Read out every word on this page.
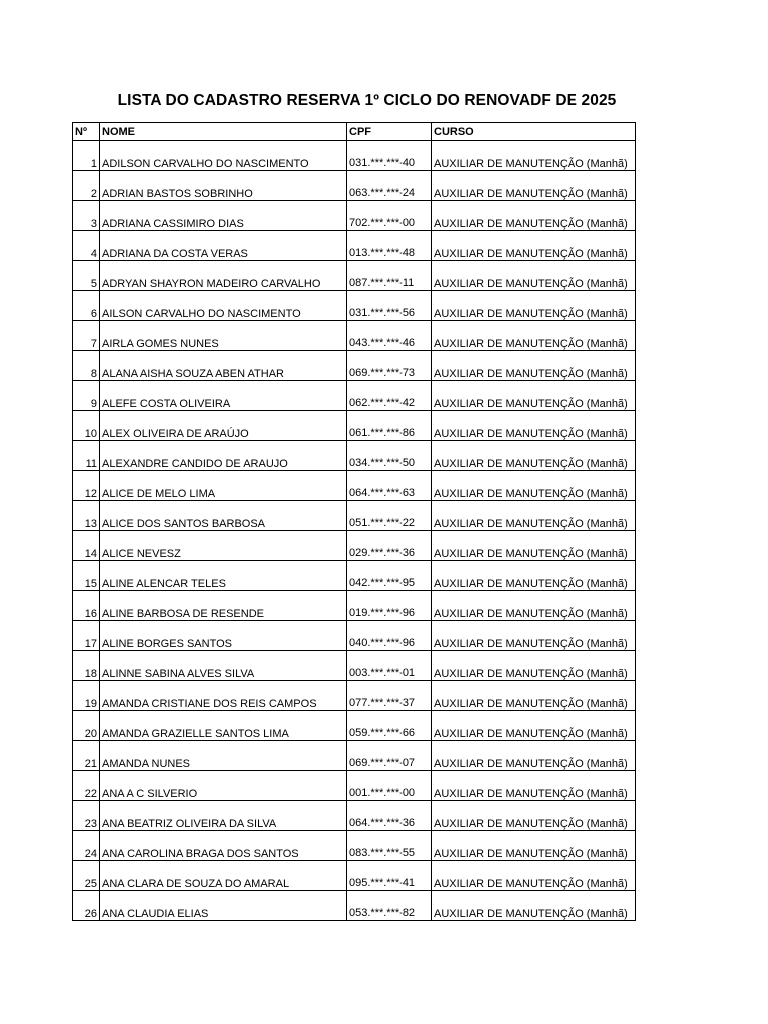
LISTA DO CADASTRO RESERVA 1º CICLO DO RENOVADF DE 2025
Nº	NOME	CPF	CURSO
1	ADILSON CARVALHO DO NASCIMENTO	031.***.***-40	AUXILIAR DE MANUTENÇÃO (Manhã)
2	ADRIAN BASTOS SOBRINHO	063.***.***-24	AUXILIAR DE MANUTENÇÃO (Manhã)
3	ADRIANA CASSIMIRO DIAS	702.***.***-00	AUXILIAR DE MANUTENÇÃO (Manhã)
4	ADRIANA DA COSTA VERAS	013.***.***-48	AUXILIAR DE MANUTENÇÃO (Manhã)
5	ADRYAN SHAYRON MADEIRO CARVALHO	087.***.***-11	AUXILIAR DE MANUTENÇÃO (Manhã)
6	AILSON CARVALHO DO NASCIMENTO	031.***.***-56	AUXILIAR DE MANUTENÇÃO (Manhã)
7	AIRLA GOMES NUNES	043.***.***-46	AUXILIAR DE MANUTENÇÃO (Manhã)
8	ALANA AISHA SOUZA ABEN ATHAR	069.***.***-73	AUXILIAR DE MANUTENÇÃO (Manhã)
9	ALEFE COSTA OLIVEIRA	062.***.***-42	AUXILIAR DE MANUTENÇÃO (Manhã)
10	ALEX OLIVEIRA DE ARAÚJO	061.***.***-86	AUXILIAR DE MANUTENÇÃO (Manhã)
11	ALEXANDRE CANDIDO DE ARAUJO	034.***.***-50	AUXILIAR DE MANUTENÇÃO (Manhã)
12	ALICE DE MELO LIMA	064.***.***-63	AUXILIAR DE MANUTENÇÃO (Manhã)
13	ALICE DOS SANTOS BARBOSA	051.***.***-22	AUXILIAR DE MANUTENÇÃO (Manhã)
14	ALICE NEVESZ	029.***.***-36	AUXILIAR DE MANUTENÇÃO (Manhã)
15	ALINE ALENCAR TELES	042.***.***-95	AUXILIAR DE MANUTENÇÃO (Manhã)
16	ALINE BARBOSA DE RESENDE	019.***.***-96	AUXILIAR DE MANUTENÇÃO (Manhã)
17	ALINE BORGES SANTOS	040.***.***-96	AUXILIAR DE MANUTENÇÃO (Manhã)
18	ALINNE SABINA ALVES SILVA	003.***.***-01	AUXILIAR DE MANUTENÇÃO (Manhã)
19	AMANDA CRISTIANE DOS REIS CAMPOS	077.***.***-37	AUXILIAR DE MANUTENÇÃO (Manhã)
20	AMANDA GRAZIELLE SANTOS LIMA	059.***.***-66	AUXILIAR DE MANUTENÇÃO (Manhã)
21	AMANDA NUNES	069.***.***-07	AUXILIAR DE MANUTENÇÃO (Manhã)
22	ANA A C SILVERIO	001.***.***-00	AUXILIAR DE MANUTENÇÃO (Manhã)
23	ANA BEATRIZ OLIVEIRA DA SILVA	064.***.***-36	AUXILIAR DE MANUTENÇÃO (Manhã)
24	ANA CAROLINA BRAGA DOS SANTOS	083.***.***-55	AUXILIAR DE MANUTENÇÃO (Manhã)
25	ANA CLARA DE SOUZA DO AMARAL	095.***.***-41	AUXILIAR DE MANUTENÇÃO (Manhã)
26	ANA CLAUDIA ELIAS	053.***.***-82	AUXILIAR DE MANUTENÇÃO (Manhã)
